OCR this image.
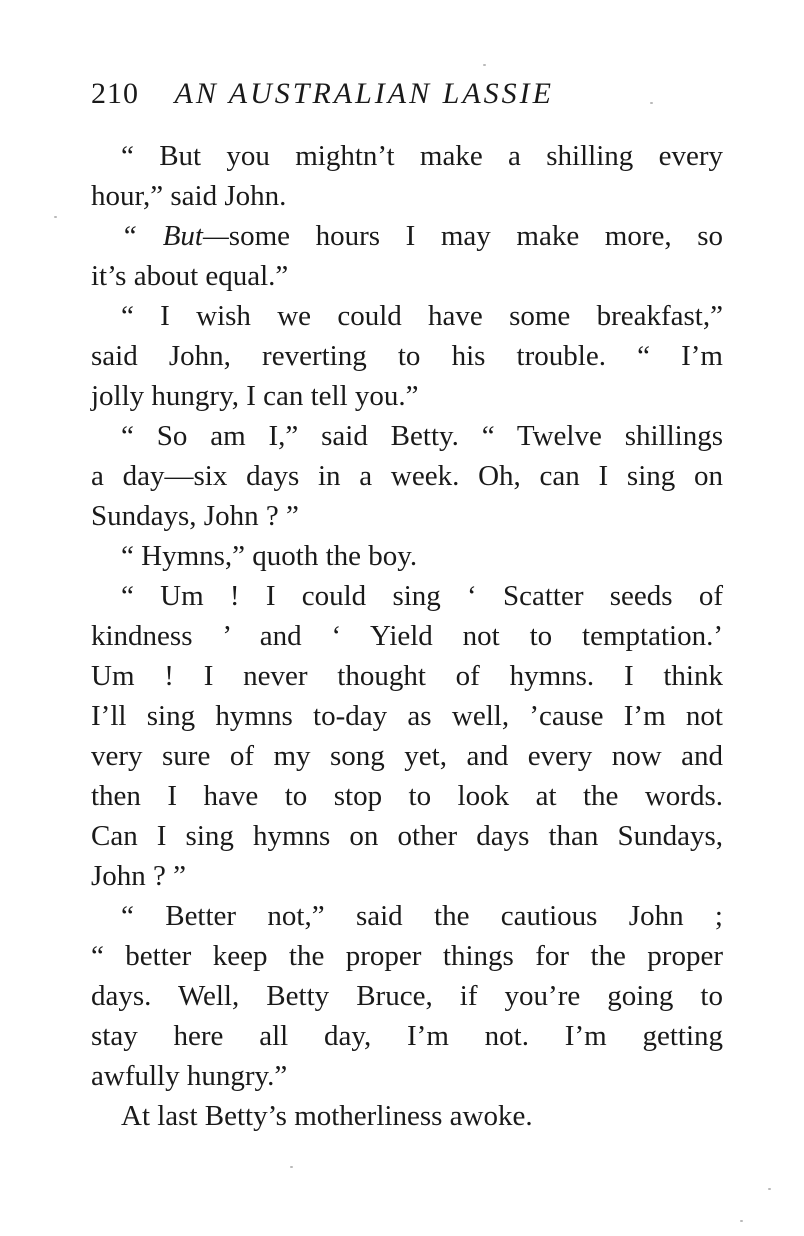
210 AN AUSTRALIAN LASSIE
“ But you mightn’t make a shilling every
hour,” said John.
“ But—some hours I may make more, so
it’s about equal.”
“ I wish we could have some breakfast,”
said John, reverting to his trouble. “ I’m
jolly hungry, I can tell you.”
“ So am I,” said Betty. “ Twelve shillings
a day—six days in a week. Oh, can I sing on
Sundays, John ? ”
“ Hymns,” quoth the boy.
“ Um ! I could sing ‘ Scatter seeds of
kindness ’ and ‘ Yield not to temptation.’
Um ! I never thought of hymns. I think
I’ll sing hymns to-day as well, ’cause I’m not
very sure of my song yet, and every now and
then I have to stop to look at the words.
Can I sing hymns on other days than Sundays,
John ? ”
“ Better not,” said the cautious John ;
“ better keep the proper things for the proper
days. Well, Betty Bruce, if you’re going to
stay here all day, I’m not. I’m getting
awfully hungry.”
At last Betty’s motherliness awoke.
